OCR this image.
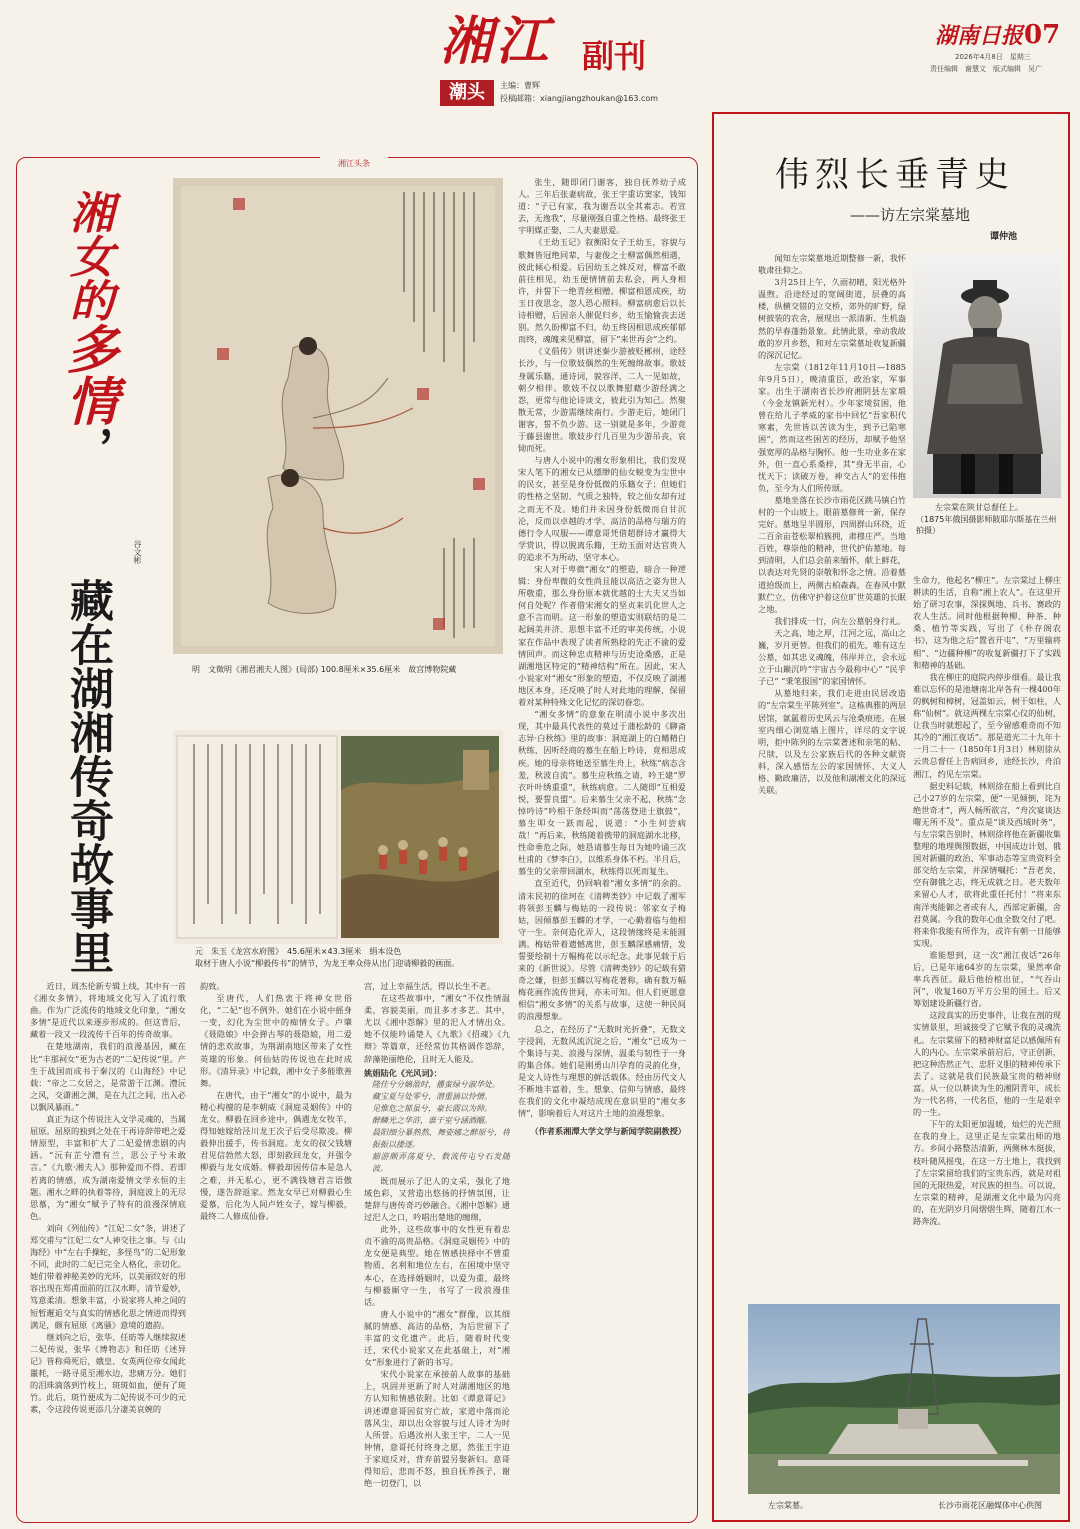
湘江 副刊
潮头	主编：曹辉
投稿邮箱：xiangjiangzhoukan@163.com
湖南日报 07
2026年4月8日　星期三
责任编辑　谢慧文　版式编辑　吴广
湘江头条
湘女的多情，
藏在湖湘传奇故事里
谷文彬
明　文徵明《湘君湘夫人图》(局部) 100.8厘米×35.6厘米　故宫博物院藏
元　朱玉《龙宫水府图》　45.6厘米×43.3厘米　绢本设色
取材于唐人小说“柳毅传书”的情节，为龙王率众侍从出门迎请柳毅的画面。

张生，随即闭门谢客，独自抚养幼子成人。三年后张妻病故，张王宇重访窦家，钱知道：“子已有家，我为谢吾以全其素志。若宣去，无逸我”，尽量刚强自重之性格。最终张王宇明媒正娶，二人夫妻恩爱。

《王幼玉记》叙衡阳女子王幼玉，容貌与歌舞皆冠绝同辈，与妻俊之士柳富偶然相遇，彼此倾心相爱。后因幼玉之姝反对，柳富不敢前往相见，幼玉便情情前去私会，两人身相许，并誓下一绝青丝相赠。柳富相恩成疾，幼玉日夜思念，忽人恐心照料。柳富病愈后以长诗相赠，后因亲人催促归乡，幼玉愉愉丧去送别。然久盼柳富不归，幼玉终因相思成疾郁郁而终，魂魄来见柳富，留下“来世再会”之约。

《义倡传》则讲述秦少游被贬郴州，途经长沙，与一位歌妓偶然的生死缠绵故事。歌妓身属乐籍，通诗词，貌容洋，二人一见如故，朝夕相伴。歌妓不仅以歌舞慰藉少游经满之怨，更常与他论诗谈文，彼此引为知己。然聚散无常，少游需继续南行。少游走后，她闭门谢客，誓不负少游。这一别就是多年，少游竟于藤县谢世。歌妓步行几百里为少游吊丧，哀恸而死。

与唐人小说中的湘女形象相比，我们发现宋人笔下的湘女已从缥缈的仙女蜕变为尘世中的民女，甚至是身份低微的乐籍女子；但她们的性格之坚韧、气质之独特，较之仙女却有过之而无不及。她们并未因身份低微而自甘沉沦，反而以卓越的才学、高洁的品格与瑞方的德行令人叹服——谭意哥凭借超群诗才赢得大学赏识，得以脱离乐籍，王幼玉面对达官贵人的追求不为所动，坚守本心。

宋人对于卑微“湘女”的塑造，暗合一种逻辑：身份卑微的女性尚且能以高洁之姿为世人所敬重，那么身份原本就优越的士大夫又当如何自处呢？作者借宋湘女的坚贞来讥化世人之意不言而明。这一形象的塑造实则联结的是二起阔美并济、思想丰富不迁的审美传统，小说家在作品中表现了读者所熟稔的先正不渝的爱情回声。而这种忠贞精神与历史沧桑感，正是湖湘地区特定的“精神结构”所在。因此，宋人小说家对“湘女”形象的塑造，不仅反映了湖湘地区本身，还反映了时人对此地的理解，保留着对某种特殊文化记忆的深切眷恋。

“湘女多情”的意象在明清小说中多次出现，其中最具代表性的莫过于蒲松龄的《聊斋志异·白秋练》里的故事：洞庭湖上的白鳍精白秋练，因听经商的慕生在船上吟诗，竟相思成疾。她的母亲将她送至慕生舟上，秋练“病态含羞，秋波自流”。慕生应秋练之请，吟王建“罗衣叶叶绣重重”，秋练病愈。二人随即“互相爱悦，要誓良盟”。后来慕生父亲不起，秋练“念悼吟诗”吟相干条经叫而“荡荡登进士旗鼓”，慕生叩女一跃而起，说道：“小生何尝病哉！”再后来，秋练随着携带的洞庭湖水北移，性命垂危之际，她恳请慕生每日为她吟诵三次杜甫的《梦李白》，以维系身体不朽。半月后，慕生的父亲带回湖水，秋练得以死而复生。

直至近代，仍回响着“湘女多情”的余韵。清末民初的徐珂在《清稗类钞》中记载了湘军将领彭玉麟与梅姑的一段传说：邻家女子梅姑，因倾慕彭玉麟的才学，一心勤着临与他相守一生。奈何造化弄人，这段情缘终是未能圆满。梅姑带着遗憾离世，彭玉麟深感痛惜，发誓要绘制十万幅梅花以示纪念。此事见载于后来的《新世说》。尽管《清稗类钞》的记载有猎奇之嫌，但彭玉麟以写梅花著称，确有数万幅梅花画作流传世间，亦未可知。但人们更愿意相信“湘女多情”的关系与故事，这使一种民间的浪漫想象。

总之，在经历了“无数时光折叠”，无数文字浸润，无数风流沉淀之后，“湘女”已成为一个集诗与美、浪漫与深情，温柔与韧性于一身的集合体。她们是刚勇山川孕育的灵韵化身，是文人诗性与理想的鲜活载体。经由历代文人不断地丰富着，生、想象、信仰与情感，最终在我们的文化中凝结成现在意识里的“湘女多情”，影响着后人对这片土地的浪漫想象。

（作者系湘潭大学文学与新闻学院副教授）

近日，周杰伦新专辑上线，其中有一首《湘女多情》，将地域文化写入了流行歌曲。作为广泛流传的地域文化印象，“湘女多情”是近代以来逐步形成的。但这背后，藏着一段又一段流传千百年的传奇故事。

在楚地湖南，我们的浪漫基因，藏在比“丰那祠女”更为古老的“二妃传说”里。产生于战国而成书于秦汉的《山海经》中记载：“帝之二女居之，是常游于江渊。澧沅之风，交潇湘之渊，是在九江之间，出入必以飘风暴雨。”

真正为这个传说注入文学灵魂的，当属屈原。屈原的独到之处在于再诗辞带吧之爱情原型，丰富和扩大了二妃爱情悲剧的内涵。“沅有芷兮澧有兰，思公子兮未敢言。”《九歌·湘夫人》那种爱而不得、若即若离的情感，成为湖南爱情文学永恒的主题。湘水之畔的执着等待，洞庭波上的无尽思慕，为“湘女”赋予了特有的浪漫深情底色。

刘向《列仙传》“江妃二女”条，讲述了郑交甫与“江妃二女”人神交往之事。与《山海经》中“左右手操蛇，多怪鸟”的二妃形象不同，此时的二妃已完全人格化，亲切化。她们带着神秘美妙的光环，以美丽纹好的形容出现在郑甫面前的江汉水畔，清节爱妙，笃意柔清。想象丰富，小说家将人神之间的短暂邂逅交与真实的情感化思之情进而得到满足，颇有屈原《离骚》意境的遗韵。

继刘向之后，张华、任昉等人继续叙述二妃传说，张华《博物志》和任昉《述异记》皆称舜死后，娥皇、女英两位帝女闻此噩耗，一路寻觅至湘水边，悲痛万分。她们的泪珠滴落到竹枝上，斑斑如血，便有了斑竹。此后，斑竹便成为二妃传说不可少的元素，令这段传说更添几分凄美哀婉的

韵致。

至唐代，人们热衷于将神女世俗化，“二妃”也不例外。她们在小说中摇身一变，幻化为尘世中的痴情女子。卢肇《聂隐娘》中会弹古琴的聂隐娘，用二爱情的悲欢故事，为荆湖南地区带来了女性英雄的形象。何仙姑的传说也在此时成形。《清异录》中记载，湘中女子多能歌善舞。

在唐代，由于“湘女”的小说中，最为精心构擅的是李朝威《洞庭灵姻传》中的龙女。柳毅在回乡途中，偶遇龙女牧羊，得知她嫁给泾川龙王次子后受尽欺凌。柳毅伸出援手，传书洞庭。龙女的叔父钱塘君见信勃然大怒，即刻救回龙女，并强令柳毅与龙女成婚。柳毅却因传信本是急人之难，并无私心，更不满钱塘君言语傲慢，遂告辞返家。然龙女早已对柳毅心生爱慕，后化为人间卢姓女子，嫁与柳毅，最终二人修成仙眷。

宫，过上幸福生活，得以长生不老。

在这些故事中，“湘女”不仅性情温柔，容貌美丽，而且多才多艺。其中，尤以《湘中怨解》里的汜人才情出众。她不仅能吟诵楚人《九歌》《招魂》《九辩》等篇章，还经常仿其格调作怨辞，辞藻艳丽绝伦，且时无人能及。

姚娟陆化《光风词》：

隆佳兮分嫡盈时，播蛮绿兮淑华处。
藏宝夏与处零兮，潜重滴以怜憎。
见惟危之郁虽兮，豪长霞以为帅。
醉鳞光之华浒，谁干室兮涵酒醑。
晨阳细分暴熟熬，舞姿娜之醉原兮，将振振以搂逐。
豁游颇弄荡夏兮，数流传屯兮石发随波。

既而展示了汜人的文采，强化了地域色彩，又营造出悠扬的抒情氛围，让楚辞与唐传奇巧妙融合。《湘中怨解》通过汜人之口，吟唱出楚地的缠绵，

此外，这些故事中的女性更有着忠贞不渝的高贵品格。《洞庭灵姻传》中的龙女便是典型。她在情感抉择中不曾重物质、名利和地位左右，在困境中坚守本心，在选择婚姻时，以爱为重，最终与柳毅厮守一生，书写了一段浪漫佳话。

唐人小说中的“湘女”群像，以其细腻的情感、高洁的品格，为后世留下了丰富的文化遗产。此后，随着时代变迁，宋代小说家又在此基础上，对“湘女”形象进行了新的书写。

宋代小说家在承接前人故事的基础上，巩固并更新了时人对湖湘地区的地方认知和情感依附。比如《谭意哥记》讲述谭意哥因贫穷亡故，家道中落而沦落风尘，却以出众容貌与过人诗才为时人所誉。后遇汝州人张王宇，二人一见钟情，意哥托付终身之愿，然张王宇迫于家庭反对，背弃前盟另娶新妇。意哥得知后，悲而不怒，独自抚养孩子，谢绝一切登门，以

伟烈长垂青史
——访左宗棠墓地
谭仲池
左宗棠在陕甘总督任上。
（1875年俄国摄影师陂耶尔斯基在兰州拍摄）

闻知左宗棠墓地近期整修一新，我怀敬肃往仰之。

3月25日上午，久雨初晴，阳光格外温煦。沿途经过的宽阔街道，层叠的高楼，纵横交错的立交桥，郊外的旷野，绿树披装的农舍，展现出一派清新、生机盎然的早春蓬勃景象。此情此景，牵动我故敢的岁月乡愁，和对左宗棠墓址收复新疆的深沉记忆。

左宗棠（1812年11月10日—1885年9月5日），晚清重臣，政治家，军事家。出生于湖南省长沙府湘阴县左家塅（今金龙镇新光村）。少年家境贫困，他曾在给儿子孝威的家书中回忆“吾家积代寒素，先世皆以苦读为生，到予已陷寒困”，然而这些困苦的经历，却赋予他坚强宽厚的品格与胸怀。他一生功业多在家外，但一直心系桑梓，其“身无半亩，心忧天下；读破万卷，神交古人”的宏伟抱负，至今为人们所传颂。

墓地坐落在长沙市雨花区跳马镇白竹村的一个山坡上。眼前墓修葺一新，保存完好。墓地呈半圆形，四周群山环绕，近二百余亩苍松翠柏簇拥，肃穆庄严。当地百姓，尊崇他的精神，世代护佑墓地。每到清明，人们总会前来缅怀，献上鲜花，以表达对先贤的崇敬和怀念之情。沿着墓道拾级而上，两侧古柏森森，在春风中默默伫立，仿佛守护着这位旷世英雄的长眠之地。

我们排成一行，向左公墓躬身行礼。

天之高，地之厚，江河之远，高山之巍，岁月更替。但我们的祖先，唯有这左公墓，如其忠义魂魄，伟岸并立，会永远立于山巅沉吟“宇宙古今最称中心” “民乎子已” “秉笔报国”的家国情怀。

从墓地归来，我们走进由民居改造的“左宗棠生平陈列室”。这栋典雅的两层居馆，氤氲着历史风云与沧桑痕迹。在展室内细心浏览墙上图片，详尽的文字说明，拒中陈列的左宗棠著述和亲笔的帖、尺牍，以及左公家族后代的各种文献资料，深入感悟左公的家国情怀、大义人格、勤政廉洁，以及他和湖湘文化的深远关联。

生命力，他起名“柳庄”。左宗棠过上柳庄耕读的生活，自称“湘上农人”。在这里开始了研习农事，深探舆地、兵书、赛政的农人生活。同时他根据种柳、种茶、种桑、植竹等实践，写出了《朴存阁农书》，这为他之后“置省开屯”、“万里输将相”、“边疆种柳”的收复新疆打下了实践和精神的基础。

我在柳庄的庭院内停步细看。最让我难以忘怀的是池塘南北岸各有一棵400年的枫树和樟树，冠盖如云，树干如柱，人称“仙树”。就这两棵左宗棠心仪的仙树，让我当时就想起了，至今留感难奇而不知其冷的“湘江夜话”。那是道光二十九年十一月二十一（1850年1月3日）林则徐从云贵总督任上告病回乡，途经长沙，舟泊湘江，约见左宗棠。

据史料记载，林则徐在船上看到比自己小27岁的左宗棠，便“一见倾倒，诧为绝世奇才”，两人畅所欲言，“舟次宴谈达曙无所不及”。重点是“谈及西域时务”，与左宗棠告别时，林则徐将他在新疆收集整理的地理舆图数据，中国成边计划，俄国对新疆的政治、军事动态等宝贵资料全部交给左宗棠，并深情嘱托：“吾老矣，空有御俄之志，终无成就之日。老夫数年来留心人才，欲将此重任托付！”将来东南洋夷能御之者或有人，西部定新疆，舍君莫属。今我的数年心血全数交付了吧。将来你我能有所作为，或许有朝一日能够实现。

谁能想到，这一次“湘江夜话”26年后，已是年逾64岁的左宗棠，果然率命率兵西征。最后他抬棺出征，“气吞山河”，收复160万平方公里的国土。后又筹划建设新疆行省。

这段真实的历史事件，让我在剖的现实情景里，坦诚接受了它赋予我的灵魂洗礼。左宗棠留下的精神财富足以感佩所有人的内心。左宗棠承前启后，守正创新，把这种浩然正气、忠肝义胆的精神传承下去了。这就是我们民族最宝贵的精神财富。从一位以耕读为生的湘阴青年，成长为一代名将，一代名臣，他的一生是艰辛的一生。

下午的太阳更加温暖，灿烂的光芒照在我的身上，这里正是左宗棠出师的地方。乡间小路整洁清新，两侧林木挺拔，枝叶随风摇曳，在这一方土地上，我找到了左宗棠留给我们的宝贵东西，就是对祖国的无限热爱，对民族的担当。可以说，左宗棠的精神，是湖湘文化中最为闪亮的，在光阴岁月间熠熠生辉，随着江水一路奔流。

左宗棠墓。	长沙市雨花区融媒体中心供图
